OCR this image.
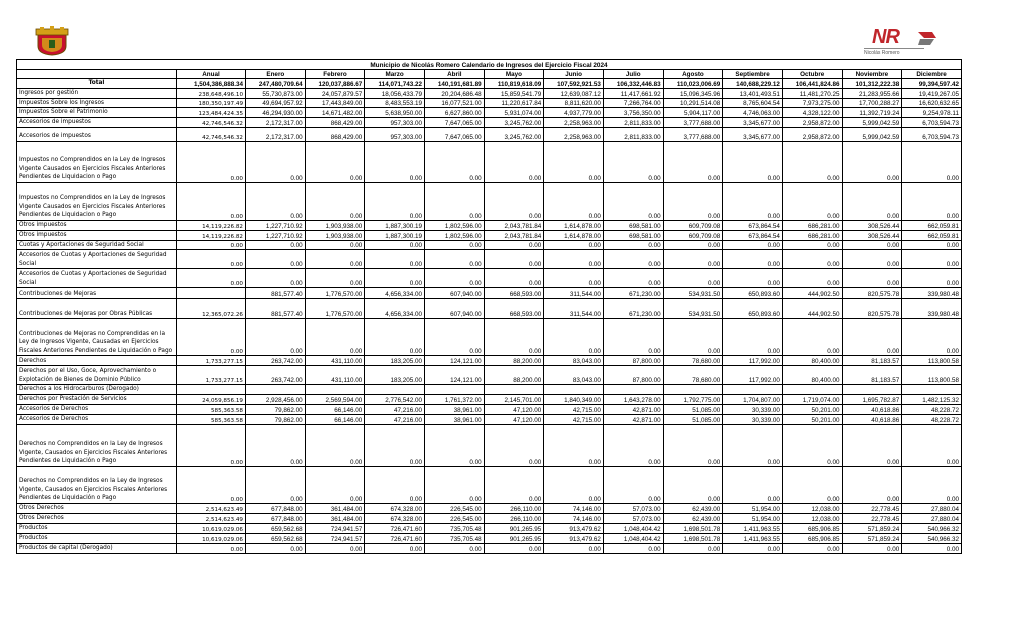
NR
Nicolás Romero
Municipio de Nicolás Romero Calendario de Ingresos del Ejercicio Fiscal 2024													
	Anual	Enero	Febrero	Marzo	Abril	Mayo	Junio	Julio	Agosto	Septiembre	Octubre	Noviembre	Diciembre
Total	1,504,386,888.34	247,480,709.64	120,037,886.67	114,071,743.22	140,191,681.89	110,819,618.09	107,592,921.53	106,332,446.83	110,023,006.69	140,688,229.12	106,441,824.86	101,312,222.38	99,394,597.42
Ingresos por gestión	238,648,496.10	55,730,873.00	24,057,879.57	18,056,433.79	20,204,686.48	15,859,541.79	12,639,087.12	11,417,661.92	15,096,345.96	13,401,493.51	11,481,270.25	21,283,955.66	19,419,267.05
Impuestos Sobre los Ingresos	180,350,197.49	49,694,957.92	17,443,849.00	8,483,553.19	16,077,521.00	11,220,617.84	8,811,620.00	7,266,764.00	10,291,514.08	8,765,604.54	7,973,275.00	17,700,288.27	16,620,632.65
Impuestos Sobre el Patrimonio	123,484,424.35	46,294,930.00	14,671,482.00	5,638,950.00	6,627,860.00	5,931,074.00	4,937,779.00	3,756,350.00	5,904,117.00	4,746,063.00	4,328,122.00	11,392,719.24	9,254,978.11
Accesorios de impuestos	42,746,546.32	2,172,317.00	868,429.00	957,303.00	7,647,065.00	3,245,762.00	2,258,963.00	2,811,833.00	3,777,688.00	3,345,677.00	2,958,872.00	5,999,042.59	6,703,594.73
Accesorios de impuestos	42,746,546.32	2,172,317.00	868,429.00	957,303.00	7,647,065.00	3,245,762.00	2,258,963.00	2,811,833.00	3,777,688.00	3,345,677.00	2,958,872.00	5,999,042.59	6,703,594.73
Impuestos no Comprendidos en la Ley de Ingresos Vigente Causados en Ejercicios Fiscales Anteriores Pendientes de Liquidacion o Pago	0.00	0.00	0.00	0.00	0.00	0.00	0.00	0.00	0.00	0.00	0.00	0.00	0.00
Impuestos no Comprendidos en la Ley de Ingresos Vigente Causados en Ejercicios Fiscales Anteriores Pendientes de Liquidacion o Pago	0.00	0.00	0.00	0.00	0.00	0.00	0.00	0.00	0.00	0.00	0.00	0.00	0.00
Otros impuestos	14,119,226.82	1,227,710.92	1,903,938.00	1,887,300.19	1,802,596.00	2,043,781.84	1,614,878.00	698,581.00	609,709.08	673,864.54	686,281.00	308,526.44	662,059.81
Otros impuestos	14,119,226.82	1,227,710.92	1,903,938.00	1,887,300.19	1,802,596.00	2,043,781.84	1,614,878.00	698,581.00	609,709.08	673,864.54	686,281.00	308,526.44	662,059.81
Cuotas y Aportaciones de Seguridad Social	0.00	0.00	0.00	0.00	0.00	0.00	0.00	0.00	0.00	0.00	0.00	0.00	0.00
Accesorios de Cuotas y Aportaciones de Seguridad Social	0.00	0.00	0.00	0.00	0.00	0.00	0.00	0.00	0.00	0.00	0.00	0.00	0.00
Accesorios de Cuotas y Aportaciones de Seguridad Social	0.00	0.00	0.00	0.00	0.00	0.00	0.00	0.00	0.00	0.00	0.00	0.00	0.00
Contribuciones de Mejoras		881,577.40	1,776,570.00	4,656,334.00	607,940.00	668,593.00	311,544.00	671,230.00	534,931.50	650,893.60	444,902.50	820,575.78	339,980.48
Contribuciones de Mejoras por Obras Públicas	12,365,072.26	881,577.40	1,776,570.00	4,656,334.00	607,940.00	668,593.00	311,544.00	671,230.00	534,931.50	650,893.60	444,902.50	820,575.78	339,980.48
Contribuciones de Mejoras no Comprendidas en la Ley de Ingresos Vigente, Causadas en Ejercicios Fiscales Anteriores Pendientes de Liquidación o Pago	0.00	0.00	0.00	0.00	0.00	0.00	0.00	0.00	0.00	0.00	0.00	0.00	0.00
Derechos	1,733,277.15	263,742.00	431,110.00	183,205.00	124,121.00	88,200.00	83,043.00	87,800.00	78,680.00	117,992.00	80,400.00	81,183.57	113,800.58
Derechos por el Uso, Goce, Aprovechamiento o Explotación de Bienes de Dominio Público	1,733,277.15	263,742.00	431,110.00	183,205.00	124,121.00	88,200.00	83,043.00	87,800.00	78,680.00	117,992.00	80,400.00	81,183.57	113,800.58
Derechos a los Hidrocarburos (Derogado)													
Derechos por Prestación de Servicios	24,059,856.19	2,928,456.00	2,569,594.00	2,776,542.00	1,761,372.00	2,145,701.00	1,840,349.00	1,643,278.00	1,792,775.00	1,704,807.00	1,719,074.00	1,695,782.87	1,482,125.32
Accesorios de Derechos	585,363.58	79,862.00	66,146.00	47,216.00	38,961.00	47,120.00	42,715.00	42,871.00	51,085.00	30,339.00	50,201.00	40,618.86	48,228.72
Accesorios de Derechos	585,363.58	79,862.00	66,146.00	47,216.00	38,961.00	47,120.00	42,715.00	42,871.00	51,085.00	30,339.00	50,201.00	40,618.86	48,228.72
Derechos no Comprendidos en la Ley de Ingresos Vigente, Causados en Ejercicios Fiscales Anteriores Pendientes de Liquidación o Pago	0.00	0.00	0.00	0.00	0.00	0.00	0.00	0.00	0.00	0.00	0.00	0.00	0.00
Derechos no Comprendidos en la Ley de Ingresos Vigente, Causados en Ejercicios Fiscales Anteriores Pendientes de Liquidación o Pago	0.00	0.00	0.00	0.00	0.00	0.00	0.00	0.00	0.00	0.00	0.00	0.00	0.00
Otros Derechos	2,514,623.49	677,848.00	361,484.00	674,328.00	226,545.00	266,110.00	74,146.00	57,073.00	62,439.00	51,954.00	12,038.00	22,778.45	27,880.04
Otros Derechos	2,514,623.49	677,848.00	361,484.00	674,328.00	226,545.00	266,110.00	74,146.00	57,073.00	62,439.00	51,954.00	12,038.00	22,778.45	27,880.04
Productos	10,619,029.06	659,562.68	724,941.57	726,471.60	735,705.48	901,265.95	913,479.62	1,048,404.42	1,698,501.78	1,411,963.55	685,906.85	571,859.24	540,966.32
Productos	10,619,029.06	659,562.68	724,941.57	726,471.60	735,705.48	901,265.95	913,479.62	1,048,404.42	1,698,501.78	1,411,963.55	685,906.85	571,859.24	540,966.32
Productos de capital (Derogado)	0.00	0.00	0.00	0.00	0.00	0.00	0.00	0.00	0.00	0.00	0.00	0.00	0.00
